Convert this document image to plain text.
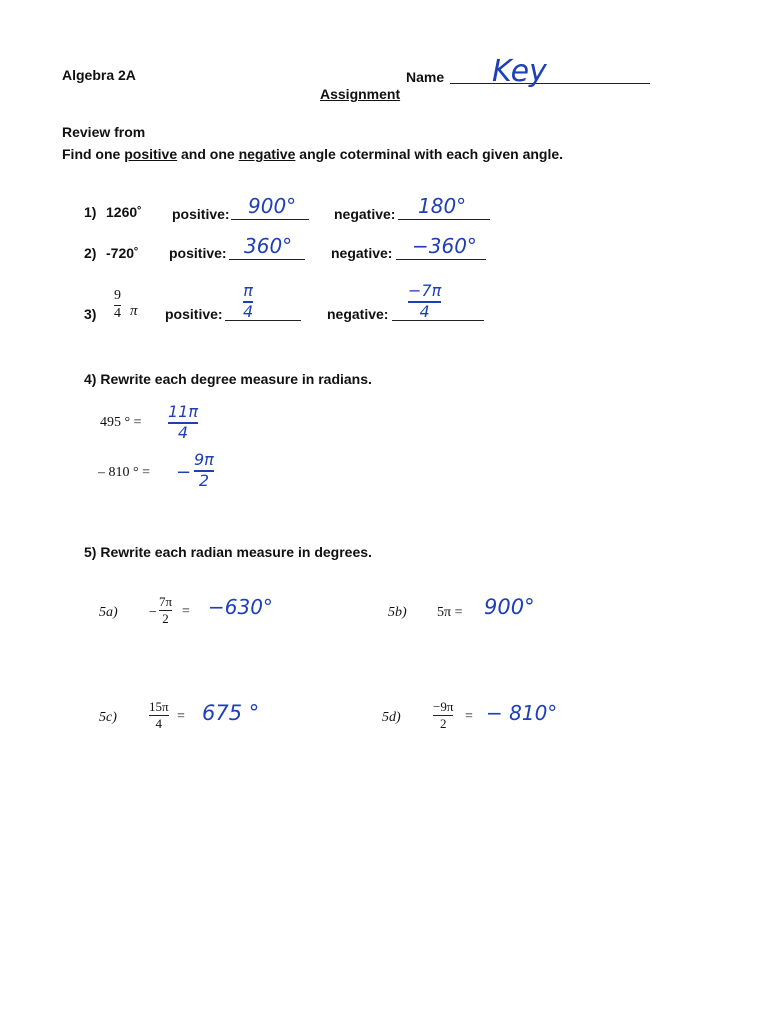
Algebra 2A	Name Key
Assignment
Review from
Find one positive and one negative angle coterminal with each given angle.
1) 1260˚ positive: 900°	negative: 180°
2) -720˚ positive: 360°	negative: −360°
3)
9
4 π positive:
π
4	negative:
−7π
4
4) Rewrite each degree measure in radians.
495 ° =
11π
4
– 810 ° = −
9π
2
5) Rewrite each radian measure in degrees.
5a) −
7π
2 = −630°	5b) 5π = 900°
5c)
15π
4 = 675 °	5d)
−9π
2 = − 810°
